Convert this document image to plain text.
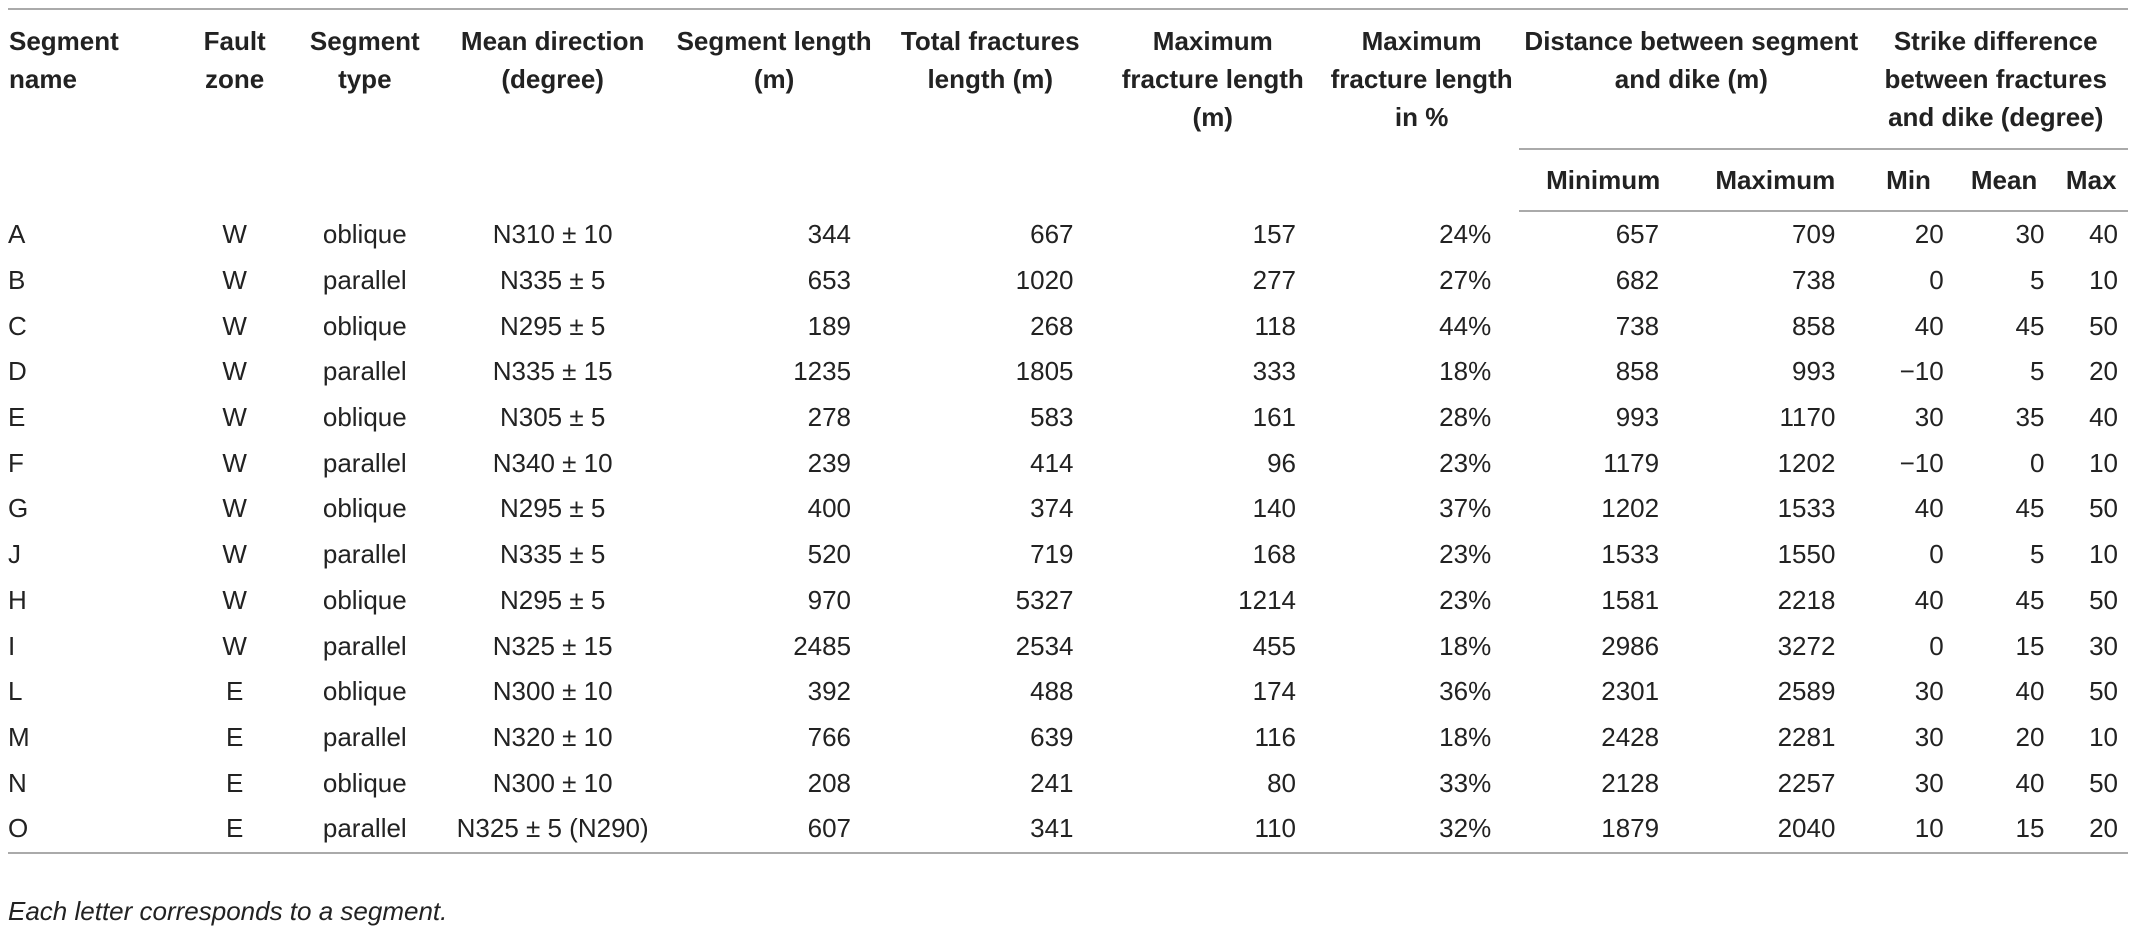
Segment name	Fault zone	Segment type	Mean direction (degree)	Segment length (m)	Total fractures length (m)	Maximum fracture length (m)	Maximum fracture length in %	Distance between segment and dike (m)		Strike difference between fractures and dike (degree)		
								Minimum	Maximum	Min	Mean	Max
A	W	oblique	N310 ± 10	344	667	157	24%	657	709	20	30	40
B	W	parallel	N335 ± 5	653	1020	277	27%	682	738	0	5	10
C	W	oblique	N295 ± 5	189	268	118	44%	738	858	40	45	50
D	W	parallel	N335 ± 15	1235	1805	333	18%	858	993	−10	5	20
E	W	oblique	N305 ± 5	278	583	161	28%	993	1170	30	35	40
F	W	parallel	N340 ± 10	239	414	96	23%	1179	1202	−10	0	10
G	W	oblique	N295 ± 5	400	374	140	37%	1202	1533	40	45	50
J	W	parallel	N335 ± 5	520	719	168	23%	1533	1550	0	5	10
H	W	oblique	N295 ± 5	970	5327	1214	23%	1581	2218	40	45	50
I	W	parallel	N325 ± 15	2485	2534	455	18%	2986	3272	0	15	30
L	E	oblique	N300 ± 10	392	488	174	36%	2301	2589	30	40	50
M	E	parallel	N320 ± 10	766	639	116	18%	2428	2281	30	20	10
N	E	oblique	N300 ± 10	208	241	80	33%	2128	2257	30	40	50
O	E	parallel	N325 ± 5 (N290)	607	341	110	32%	1879	2040	10	15	20
Each letter corresponds to a segment.
